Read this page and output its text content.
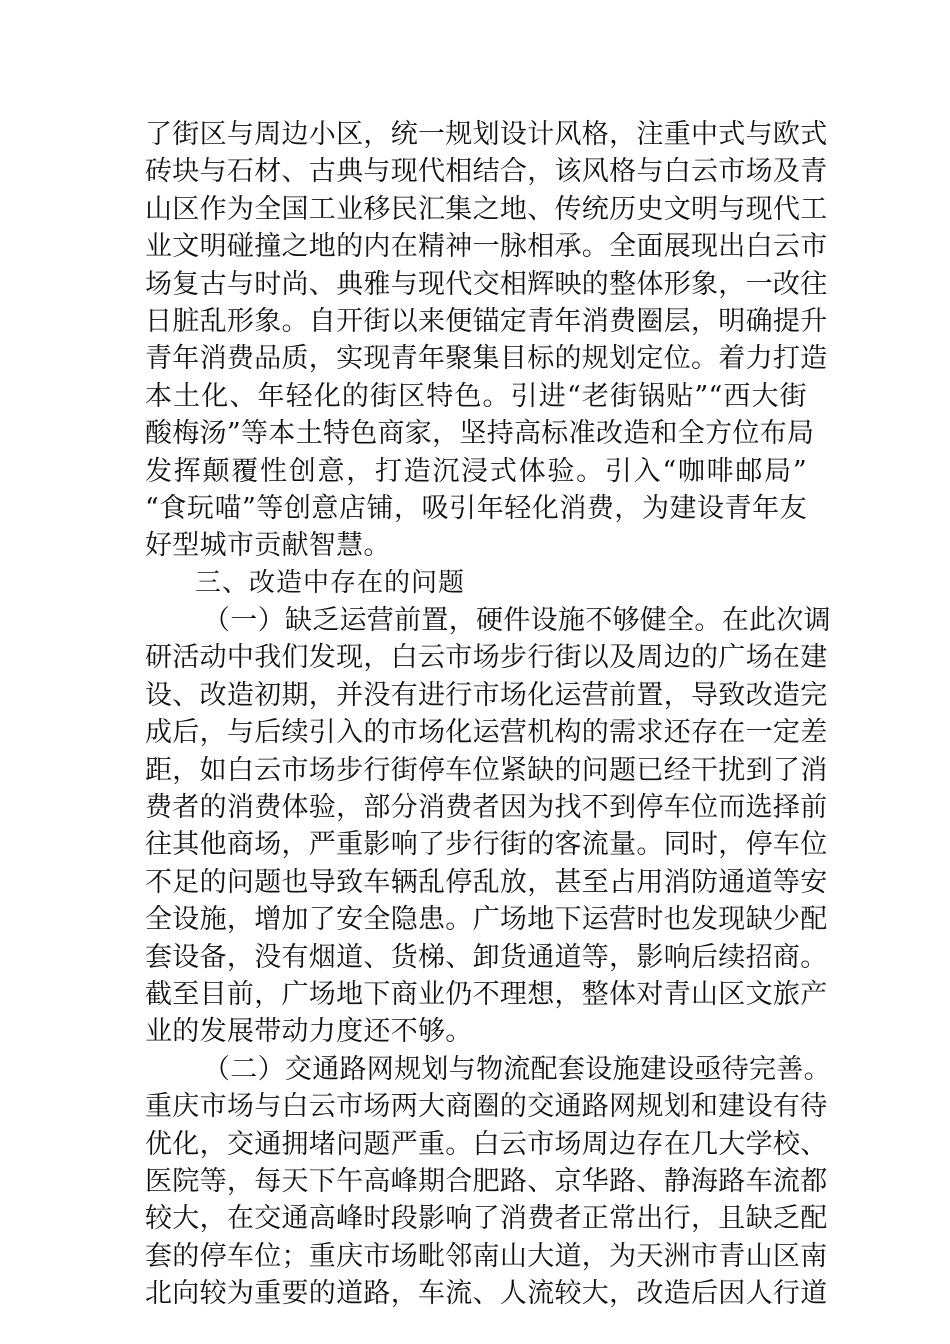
了街区与周边小区，统一规划设计风格，注重中式与欧式
砖块与石材、古典与现代相结合，该风格与白云市场及青
山区作为全国工业移民汇集之地、传统历史文明与现代工
业文明碰撞之地的内在精神一脉相承。全面展现出白云市
场复古与时尚、典雅与现代交相辉映的整体形象，一改往
日脏乱形象。自开街以来便锚定青年消费圈层，明确提升
青年消费品质，实现青年聚集目标的规划定位。着力打造
本土化、年轻化的街区特色。引进“老街锅贴”“西大街
酸梅汤”等本土特色商家，坚持高标准改造和全方位布局
发挥颠覆性创意，打造沉浸式体验。引入“咖啡邮局”
“食玩喵”等创意店铺，吸引年轻化消费，为建设青年友
好型城市贡献智慧。
三、改造中存在的问题
（一）缺乏运营前置，硬件设施不够健全。在此次调
研活动中我们发现，白云市场步行街以及周边的广场在建
设、改造初期，并没有进行市场化运营前置，导致改造完
成后，与后续引入的市场化运营机构的需求还存在一定差
距，如白云市场步行街停车位紧缺的问题已经干扰到了消
费者的消费体验，部分消费者因为找不到停车位而选择前
往其他商场，严重影响了步行街的客流量。同时，停车位
不足的问题也导致车辆乱停乱放，甚至占用消防通道等安
全设施，增加了安全隐患。广场地下运营时也发现缺少配
套设备，没有烟道、货梯、卸货通道等，影响后续招商。
截至目前，广场地下商业仍不理想，整体对青山区文旅产
业的发展带动力度还不够。
（二）交通路网规划与物流配套设施建设亟待完善。
重庆市场与白云市场两大商圈的交通路网规划和建设有待
优化，交通拥堵问题严重。白云市场周边存在几大学校、
医院等，每天下午高峰期合肥路、京华路、静海路车流都
较大，在交通高峰时段影响了消费者正常出行，且缺乏配
套的停车位；重庆市场毗邻南山大道，为天洲市青山区南
北向较为重要的道路，车流、人流较大，改造后因人行道
